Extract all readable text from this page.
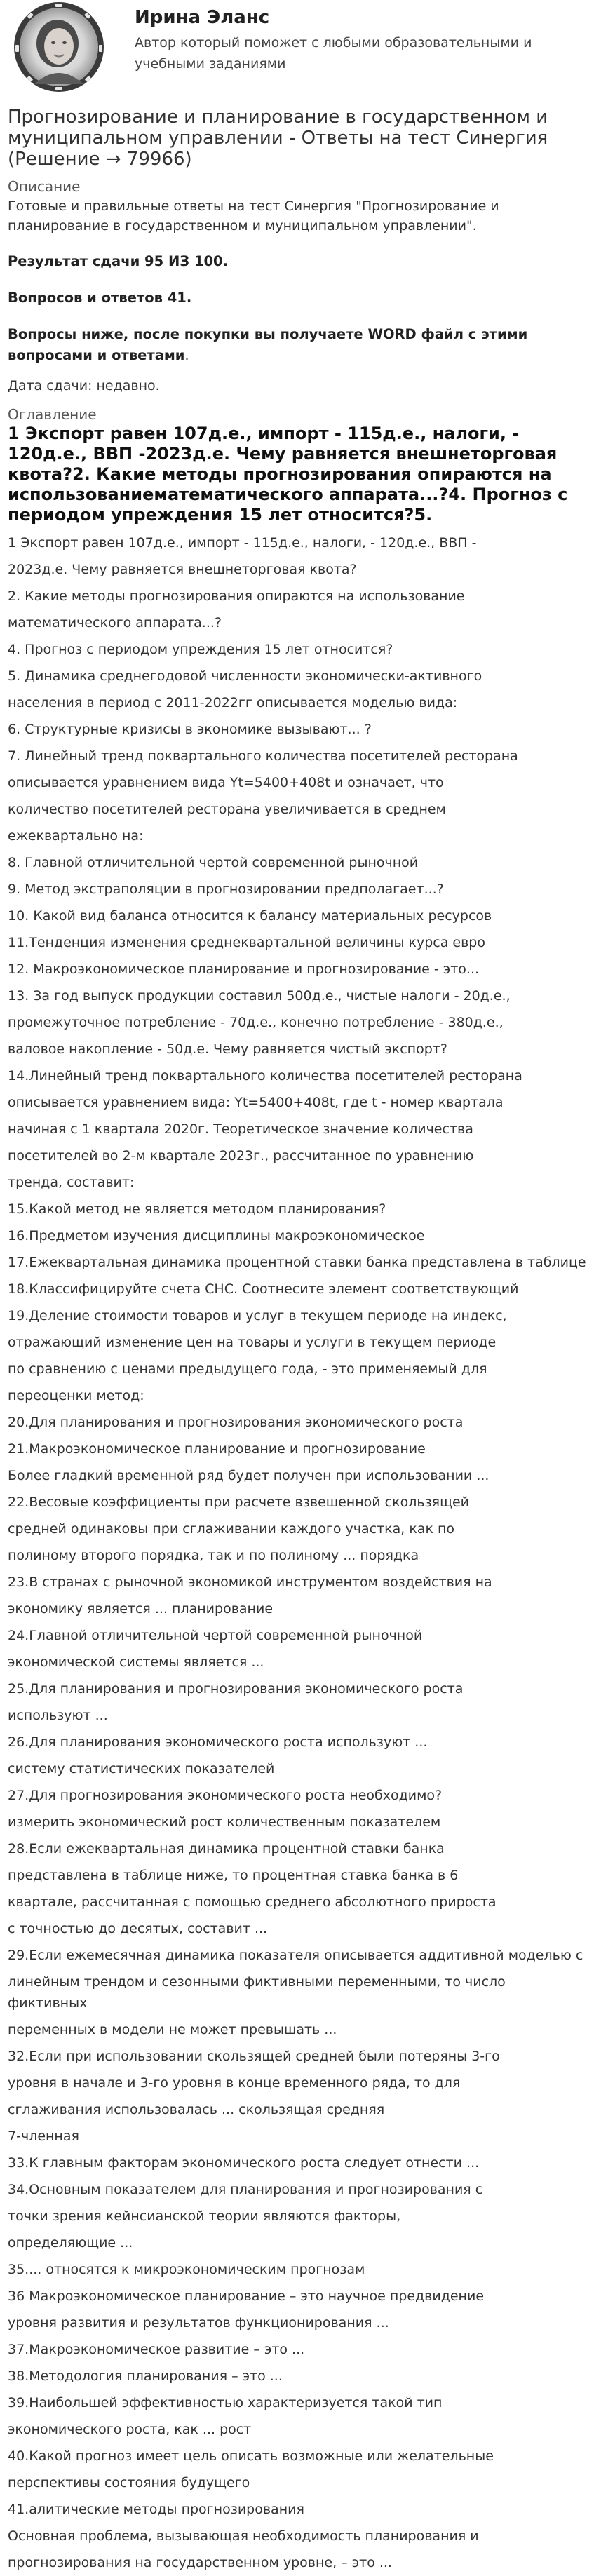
Ирина Эланс
Автор который поможет с любыми образовательными и учебными заданиями
Прогнозирование и планирование в государственном и муниципальном управлении - Ответы на тест Синергия (Решение → 79966)
Описание
Готовые и правильные ответы на тест Синергия "Прогнозирование и планирование в государственном и муниципальном управлении".
Результат сдачи 95 ИЗ 100.
Вопросов и ответов 41.
Вопросы ниже, после покупки вы получаете WORD файл с этими вопросами и ответами.
Дата сдачи: недавно.
Оглавление
1 Экспорт равен 107д.е., импорт - 115д.е., налоги, - 120д.е., ВВП -2023д.е. Чему равняется внешнеторговая квота?2. Какие методы прогнозирования опираются на использованиематематического аппарата...?4. Прогноз с периодом упреждения 15 лет относится?5.
1 Экспорт равен 107д.е., импорт - 115д.е., налоги, - 120д.е., ВВП -
2023д.е. Чему равняется внешнеторговая квота?
2. Какие методы прогнозирования опираются на использование
математического аппарата...?
4. Прогноз с периодом упреждения 15 лет относится?
5. Динамика среднегодовой численности экономически-активного
населения в период с 2011-2022гг описывается моделью вида:
6. Структурные кризисы в экономике вызывают... ?
7. Линейный тренд поквартального количества посетителей ресторана
описывается уравнением вида Yt=5400+408t и означает, что
количество посетителей ресторана увеличивается в среднем
ежеквартально на:
8. Главной отличительной чертой современной рыночной
9. Метод экстраполяции в прогнозировании предполагает...?
10. Какой вид баланса относится к балансу материальных ресурсов
11.Тенденция изменения среднеквартальной величины курса евро
12. Макроэкономическое планирование и прогнозирование - это...
13. За год выпуск продукции составил 500д.е., чистые налоги - 20д.е.,
промежуточное потребление - 70д.е., конечно потребление - 380д.е.,
валовое накопление - 50д.е. Чему равняется чистый экспорт?
14.Линейный тренд поквартального количества посетителей ресторана
описывается уравнением вида: Yt=5400+408t, где t - номер квартала
начиная с 1 квартала 2020г. Теоретическое значение количества
посетителей во 2-м квартале 2023г., рассчитанное по уравнению
тренда, составит:
15.Какой метод не является методом планирования?
16.Предметом изучения дисциплины макроэкономическое
17.Ежеквартальная динамика процентной ставки банка представлена в таблице
18.Классифицируйте счета СНС. Соотнесите элемент соответствующий
19.Деление стоимости товаров и услуг в текущем периоде на индекс,
отражающий изменение цен на товары и услуги в текущем периоде
по сравнению с ценами предыдущего года, - это применяемый для
переоценки метод:
20.Для планирования и прогнозирования экономического роста
21.Макроэкономическое планирование и прогнозирование
Более гладкий временной ряд будет получен при использовании ...
22.Весовые коэффициенты при расчете взвешенной скользящей
средней одинаковы при сглаживании каждого участка, как по
полиному второго порядка, так и по полиному ... порядка
23.В странах с рыночной экономикой инструментом воздействия на
экономику является ... планирование
24.Главной отличительной чертой современной рыночной
экономической системы является ...
25.Для планирования и прогнозирования экономического роста
используют ...
26.Для планирования экономического роста используют ...
систему статистических показателей
27.Для прогнозирования экономического роста необходимо?
измерить экономический рост количественным показателем
28.Если ежеквартальная динамика процентной ставки банка
представлена в таблице ниже, то процентная ставка банка в 6
квартале, рассчитанная с помощью среднего абсолютного прироста
с точностью до десятых, составит ...
29.Если ежемесячная динамика показателя описывается аддитивной моделью с
линейным трендом и сезонными фиктивными переменными, то число фиктивных
переменных в модели не может превышать ...
32.Если при использовании скользящей средней были потеряны 3-го
уровня в начале и 3-го уровня в конце временного ряда, то для
сглаживания использовалась ... скользящая средняя
7-членная
33.К главным факторам экономического роста следует отнести ...
34.Основным показателем для планирования и прогнозирования с
точки зрения кейнсианской теории являются факторы,
определяющие ...
35.... относятся к микроэкономическим прогнозам
36 Макроэкономическое планирование – это научное предвидение
уровня развития и результатов функционирования ...
37.Макроэкономическое развитие – это ...
38.Методология планирования – это ...
39.Наибольшей эффективностью характеризуется такой тип
экономического роста, как ... рост
40.Какой прогноз имеет цель описать возможные или желательные
перспективы состояния будущего
41.алитические методы прогнозирования
Основная проблема, вызывающая необходимость планирования и
прогнозирования на государственном уровне, – это ...
